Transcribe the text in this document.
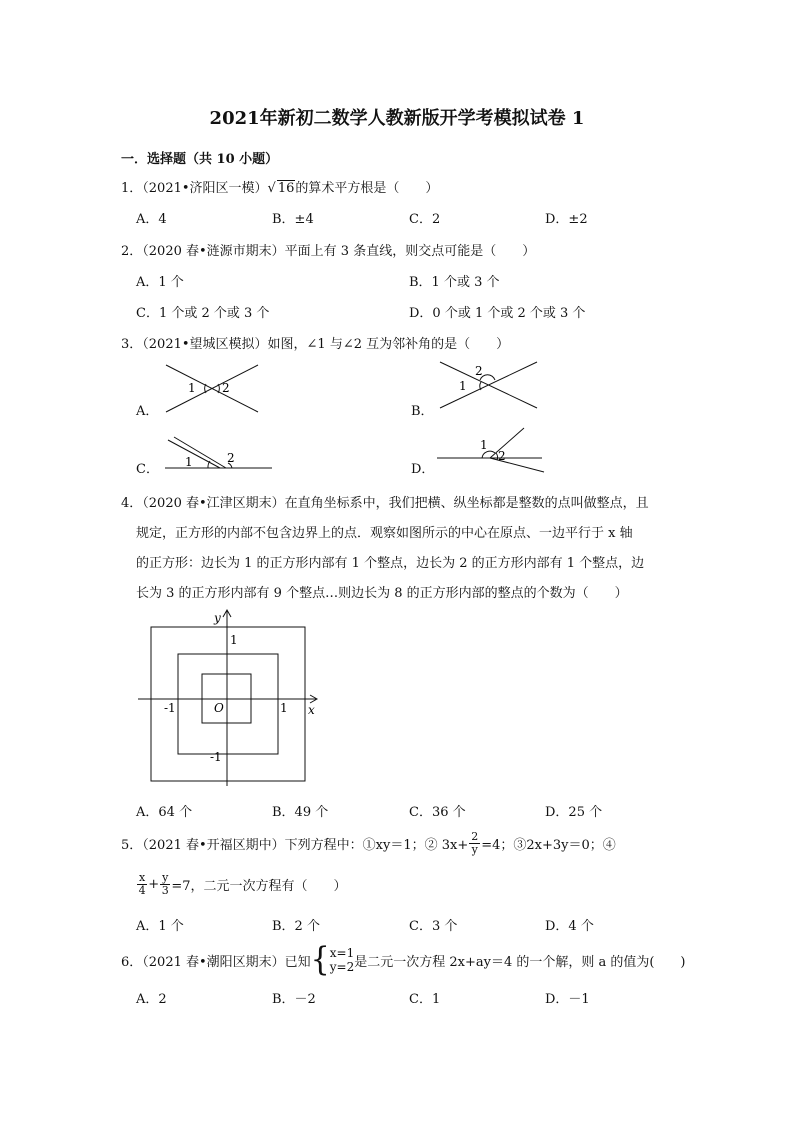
2021年新初二数学人教新版开学考模拟试卷 1
一．选择题（共 10 小题）
1．（2021•济阳区一模）√ 16的算术平方根是（　　）
A．4	B．±4	C．2	D．±2
2．（2020 春•涟源市期末）平面上有 3 条直线，则交点可能是（　　）
A．1 个	B．1 个或 3 个
C．1 个或 2 个或 3 个	D．0 个或 1 个或 2 个或 3 个
3．（2021•望城区模拟）如图，∠1 与∠2 互为邻补角的是（　　）
A．
1 2
B．
2
1
C． 1	2
D．
1
2
4．（2020 春•江津区期末）在直角坐标系中，我们把横、纵坐标都是整数的点叫做整点，且
规定，正方形的内部不包含边界上的点．观察如图所示的中心在原点、一边平行于 x 轴
的正方形：边长为 1 的正方形内部有 1 个整点，边长为 2 的正方形内部有 1 个整点，边
长为 3 的正方形内部有 9 个整点…则边长为 8 的正方形内部的整点的个数为（　　）
y
1
-1	O	1 x
-1
A．64 个	B．49 个	C．36 个	D．25 个
5．（2021 春•开福区期中）下列方程中：①xy＝1；② $3x+ \frac{2}{y} =4$；③2x+3y＝0；④
$\frac{x}{4} + \frac{y}{3} =7$，二元一次方程有（　　）
A．1 个	B．2 个	C．3 个	D．4 个
6．（2021 春•潮阳区期末）已知 { x=1
y=2 是二元一次方程 2x+ay＝4 的一个解，则 a 的值为(　　)
A．2	B．－2	C．1	D．－1
